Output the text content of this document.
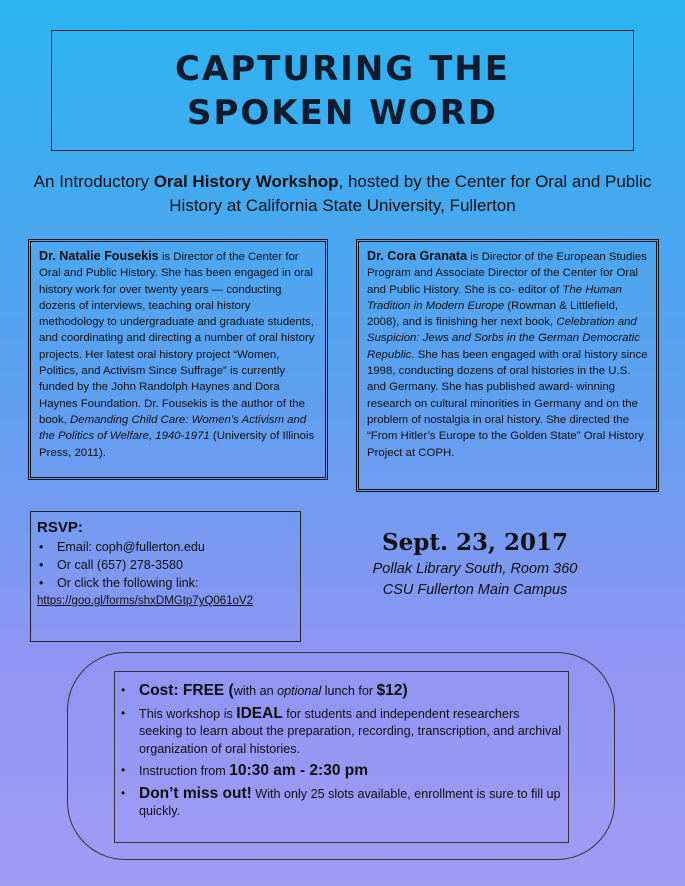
CAPTURING THE
SPOKEN WORD
An Introductory Oral History Workshop, hosted by the Center for Oral and Public History at California State University, Fullerton
Dr. Natalie Fousekis is Director of the Center for Oral and Public History. She has been engaged in oral history work for over twenty years — conducting dozens of interviews, teaching oral history methodology to undergraduate and graduate students, and coordinating and directing a number of oral history projects. Her latest oral history project “Women, Politics, and Activism Since Suffrage” is currently funded by the John Randolph Haynes and Dora Haynes Foundation. Dr. Fousekis is the author of the book, Demanding Child Care: Women’s Activism and the Politics of Welfare, 1940-1971 (University of Illinois Press, 2011).
Dr. Cora Granata is Director of the European Studies Program and Associate Director of the Center for Oral and Public History. She is co- editor of The Human Tradition in Modern Europe (Rowman & Littlefield, 2008), and is finishing her next book, Celebration and Suspicion: Jews and Sorbs in the German Democratic Republic. She has been engaged with oral history since 1998, conducting dozens of oral histories in the U.S. and Germany. She has published award- winning research on cultural minorities in Germany and on the problem of nostalgia in oral history. She directed the “From Hitler’s Europe to the Golden State” Oral History Project at COPH.
RSVP:
• Email: coph@fullerton.edu
• Or call (657) 278-3580
• Or click the following link:
https://goo.gl/forms/shxDMGtp7yQ061oV2
Sept. 23, 2017
Pollak Library South, Room 360
CSU Fullerton Main Campus
• Cost: FREE (with an optional lunch for $12)
•	This workshop is IDEAL for students and independent researchers seeking to learn about the preparation, recording, transcription, and archival organization of oral histories.
•	Instruction from 10:30 am - 2:30 pm
• Don’t miss out! With only 25 slots available, enrollment is sure to fill up quickly.
